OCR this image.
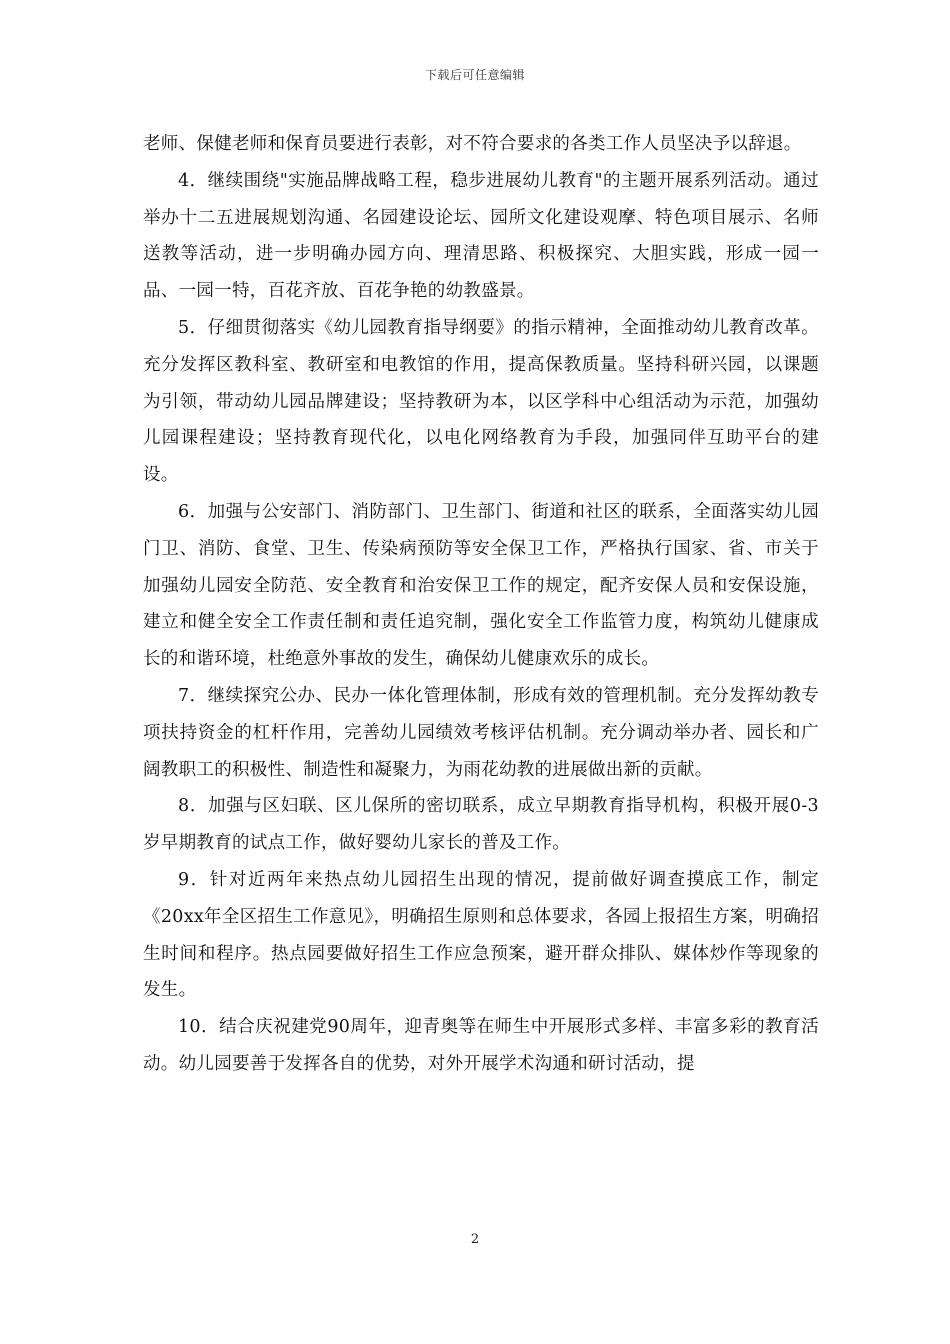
下载后可任意编辑

老师、保健老师和保育员要进行表彰，对不符合要求的各类工作人员坚决予以辞退。

4．继续围绕"实施品牌战略工程，稳步进展幼儿教育"的主题开展系列活动。通过举办十二五进展规划沟通、名园建设论坛、园所文化建设观摩、特色项目展示、名师送教等活动，进一步明确办园方向、理清思路、积极探究、大胆实践，形成一园一品、一园一特，百花齐放、百花争艳的幼教盛景。

5．仔细贯彻落实《幼儿园教育指导纲要》的指示精神，全面推动幼儿教育改革。充分发挥区教科室、教研室和电教馆的作用，提高保教质量。坚持科研兴园，以课题为引领，带动幼儿园品牌建设；坚持教研为本，以区学科中心组活动为示范，加强幼儿园课程建设；坚持教育现代化，以电化网络教育为手段，加强同伴互助平台的建设。

6．加强与公安部门、消防部门、卫生部门、街道和社区的联系，全面落实幼儿园门卫、消防、食堂、卫生、传染病预防等安全保卫工作，严格执行国家、省、市关于加强幼儿园安全防范、安全教育和治安保卫工作的规定，配齐安保人员和安保设施，建立和健全安全工作责任制和责任追究制，强化安全工作监管力度，构筑幼儿健康成长的和谐环境，杜绝意外事故的发生，确保幼儿健康欢乐的成长。

7．继续探究公办、民办一体化管理体制，形成有效的管理机制。充分发挥幼教专项扶持资金的杠杆作用，完善幼儿园绩效考核评估机制。充分调动举办者、园长和广阔教职工的积极性、制造性和凝聚力，为雨花幼教的进展做出新的贡献。

8．加强与区妇联、区儿保所的密切联系，成立早期教育指导机构，积极开展0-3岁早期教育的试点工作，做好婴幼儿家长的普及工作。

9．针对近两年来热点幼儿园招生出现的情况，提前做好调查摸底工作，制定《20xx年全区招生工作意见》，明确招生原则和总体要求，各园上报招生方案，明确招生时间和程序。热点园要做好招生工作应急预案，避开群众排队、媒体炒作等现象的发生。

10．结合庆祝建党90周年，迎青奥等在师生中开展形式多样、丰富多彩的教育活动。幼儿园要善于发挥各自的优势，对外开展学术沟通和研讨活动，提

2
